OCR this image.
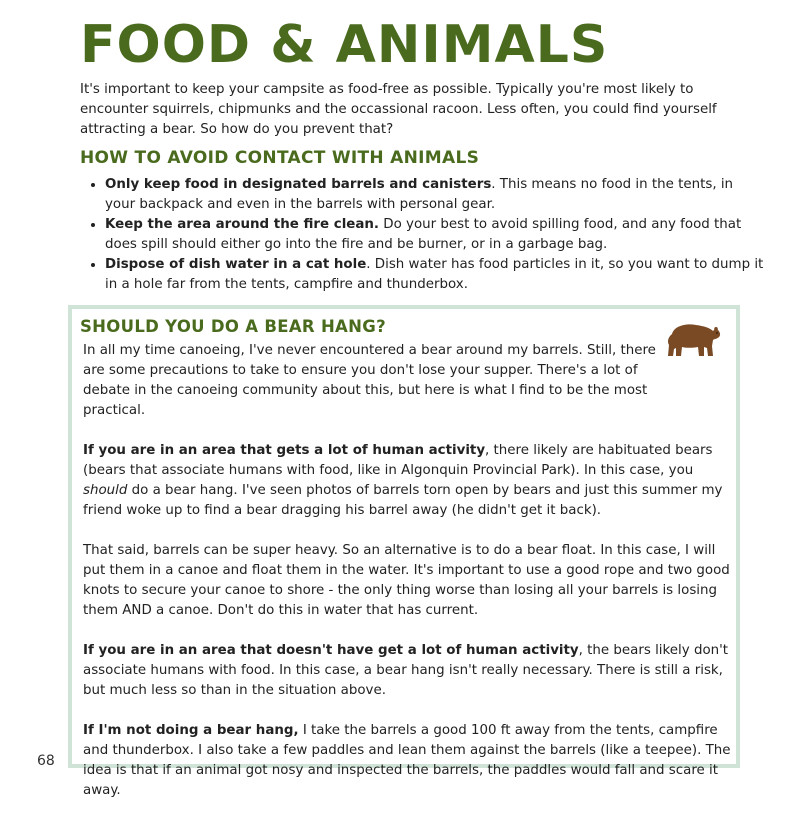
FOOD & ANIMALS
It's important to keep your campsite as food-free as possible. Typically you're most likely to encounter squirrels, chipmunks and the occassional racoon. Less often, you could find yourself attracting a bear. So how do you prevent that?
HOW TO AVOID CONTACT WITH ANIMALS
• Only keep food in designated barrels and canisters. This means no food in the tents, in your backpack and even in the barrels with personal gear.
• Keep the area around the fire clean. Do your best to avoid spilling food, and any food that does spill should either go into the fire and be burner, or in a garbage bag.
• Dispose of dish water in a cat hole. Dish water has food particles in it, so you want to dump it in a hole far from the tents, campfire and thunderbox.
SHOULD YOU DO A BEAR HANG?

In all my time canoeing, I've never encountered a bear around my barrels. Still, there are some precautions to take to ensure you don't lose your supper. There's a lot of debate in the canoeing community about this, but here is what I find to be the most practical.

If you are in an area that gets a lot of human activity, there likely are habituated bears (bears that associate humans with food, like in Algonquin Provincial Park). In this case, you should do a bear hang. I've seen photos of barrels torn open by bears and just this summer my friend woke up to find a bear dragging his barrel away (he didn't get it back).

That said, barrels can be super heavy. So an alternative is to do a bear float. In this case, I will put them in a canoe and float them in the water. It's important to use a good rope and two good knots to secure your canoe to shore - the only thing worse than losing all your barrels is losing them AND a canoe. Don't do this in water that has current.

If you are in an area that doesn't have get a lot of human activity, the bears likely don't associate humans with food. In this case, a bear hang isn't really necessary. There is still a risk, but much less so than in the situation above.

If I'm not doing a bear hang, I take the barrels a good 100 ft away from the tents, campfire and thunderbox. I also take a few paddles and lean them against the barrels (like a teepee). The idea is that if an animal got nosy and inspected the barrels, the paddles would fall and scare it away.

68
